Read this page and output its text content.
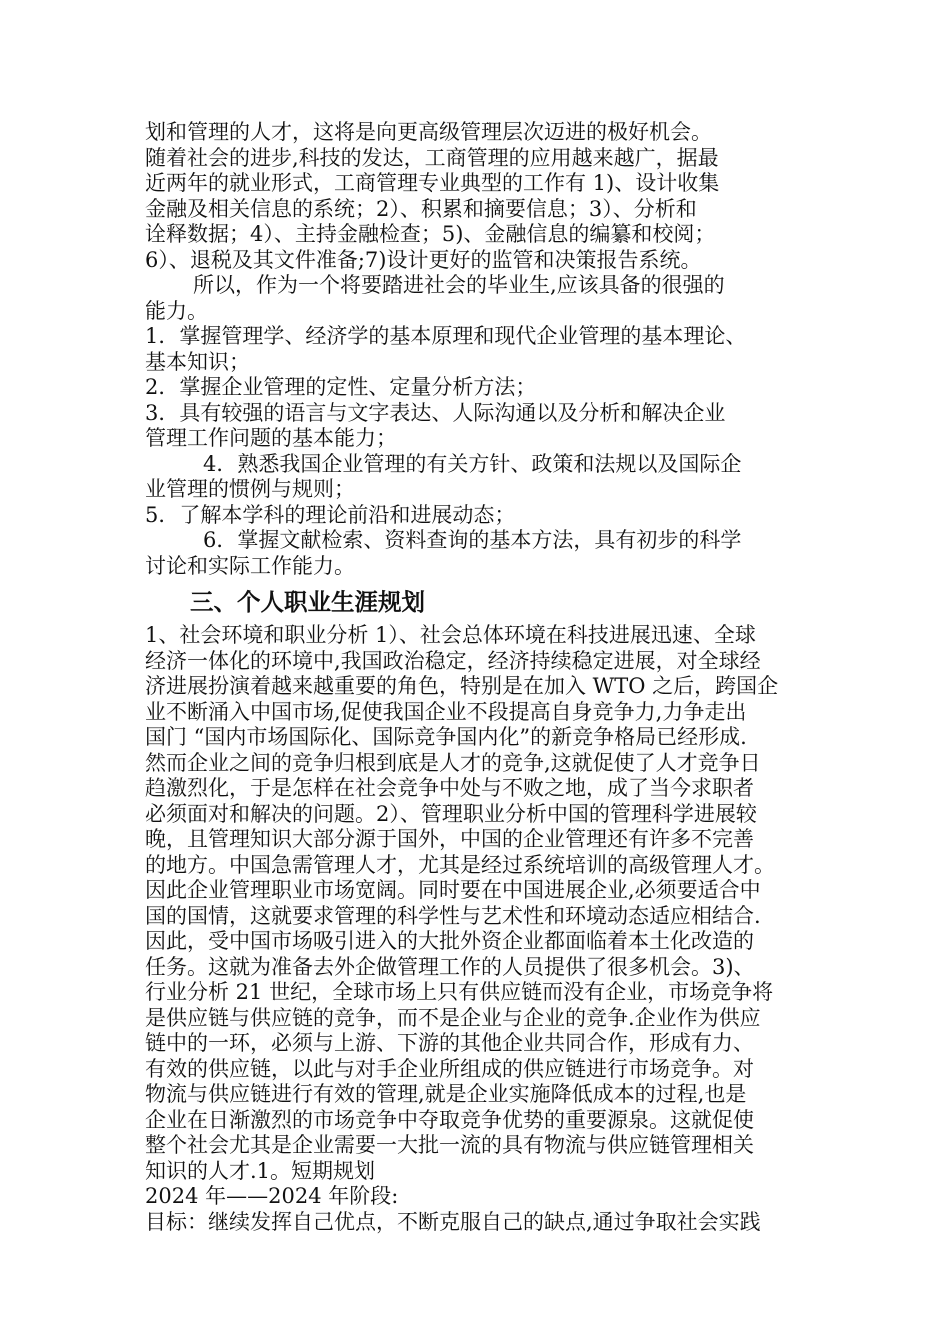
划和管理的人才，这将是向更高级管理层次迈进的极好机会。
随着社会的进步,科技的发达，工商管理的应用越来越广，据最
近两年的就业形式，工商管理专业典型的工作有 1)、设计收集
金融及相关信息的系统；2）、积累和摘要信息；3）、分析和
诠释数据；4）、主持金融检查；5)、金融信息的编纂和校阅；
6）、退税及其文件准备;7)设计更好的监管和决策报告系统。
所以，作为一个将要踏进社会的毕业生,应该具备的很强的
能力。
1．掌握管理学、经济学的基本原理和现代企业管理的基本理论、
基本知识；
2．掌握企业管理的定性、定量分析方法；
3．具有较强的语言与文字表达、人际沟通以及分析和解决企业
管理工作问题的基本能力；
4．熟悉我国企业管理的有关方针、政策和法规以及国际企
业管理的惯例与规则；
5．了解本学科的理论前沿和进展动态；
6．掌握文献检索、资料查询的基本方法，具有初步的科学
讨论和实际工作能力。
三、个人职业生涯规划
1、社会环境和职业分析 1）、社会总体环境在科技进展迅速、全球
经济一体化的环境中,我国政治稳定，经济持续稳定进展，对全球经
济进展扮演着越来越重要的角色，特别是在加入 WTO 之后，跨国企
业不断涌入中国市场,促使我国企业不段提高自身竞争力,力争走出
国门 “国内市场国际化、国际竞争国内化”的新竞争格局已经形成.
然而企业之间的竞争归根到底是人才的竞争,这就促使了人才竞争日
趋激烈化，于是怎样在社会竞争中处与不败之地，成了当今求职者
必须面对和解决的问题。2）、管理职业分析中国的管理科学进展较
晚，且管理知识大部分源于国外，中国的企业管理还有许多不完善
的地方。中国急需管理人才，尤其是经过系统培训的高级管理人才。
因此企业管理职业市场宽阔。同时要在中国进展企业,必须要适合中
国的国情，这就要求管理的科学性与艺术性和环境动态适应相结合.
因此，受中国市场吸引进入的大批外资企业都面临着本土化改造的
任务。这就为准备去外企做管理工作的人员提供了很多机会。3)、
行业分析 21 世纪，全球市场上只有供应链而没有企业，市场竞争将
是供应链与供应链的竞争，而不是企业与企业的竞争.企业作为供应
链中的一环，必须与上游、下游的其他企业共同合作，形成有力、
有效的供应链，以此与对手企业所组成的供应链进行市场竞争。对
物流与供应链进行有效的管理,就是企业实施降低成本的过程,也是
企业在日渐激烈的市场竞争中夺取竞争优势的重要源泉。这就促使
整个社会尤其是企业需要一大批一流的具有物流与供应链管理相关
知识的人才.1。短期规划
2024 年——2024 年阶段:
目标：继续发挥自己优点，不断克服自己的缺点,通过争取社会实践
